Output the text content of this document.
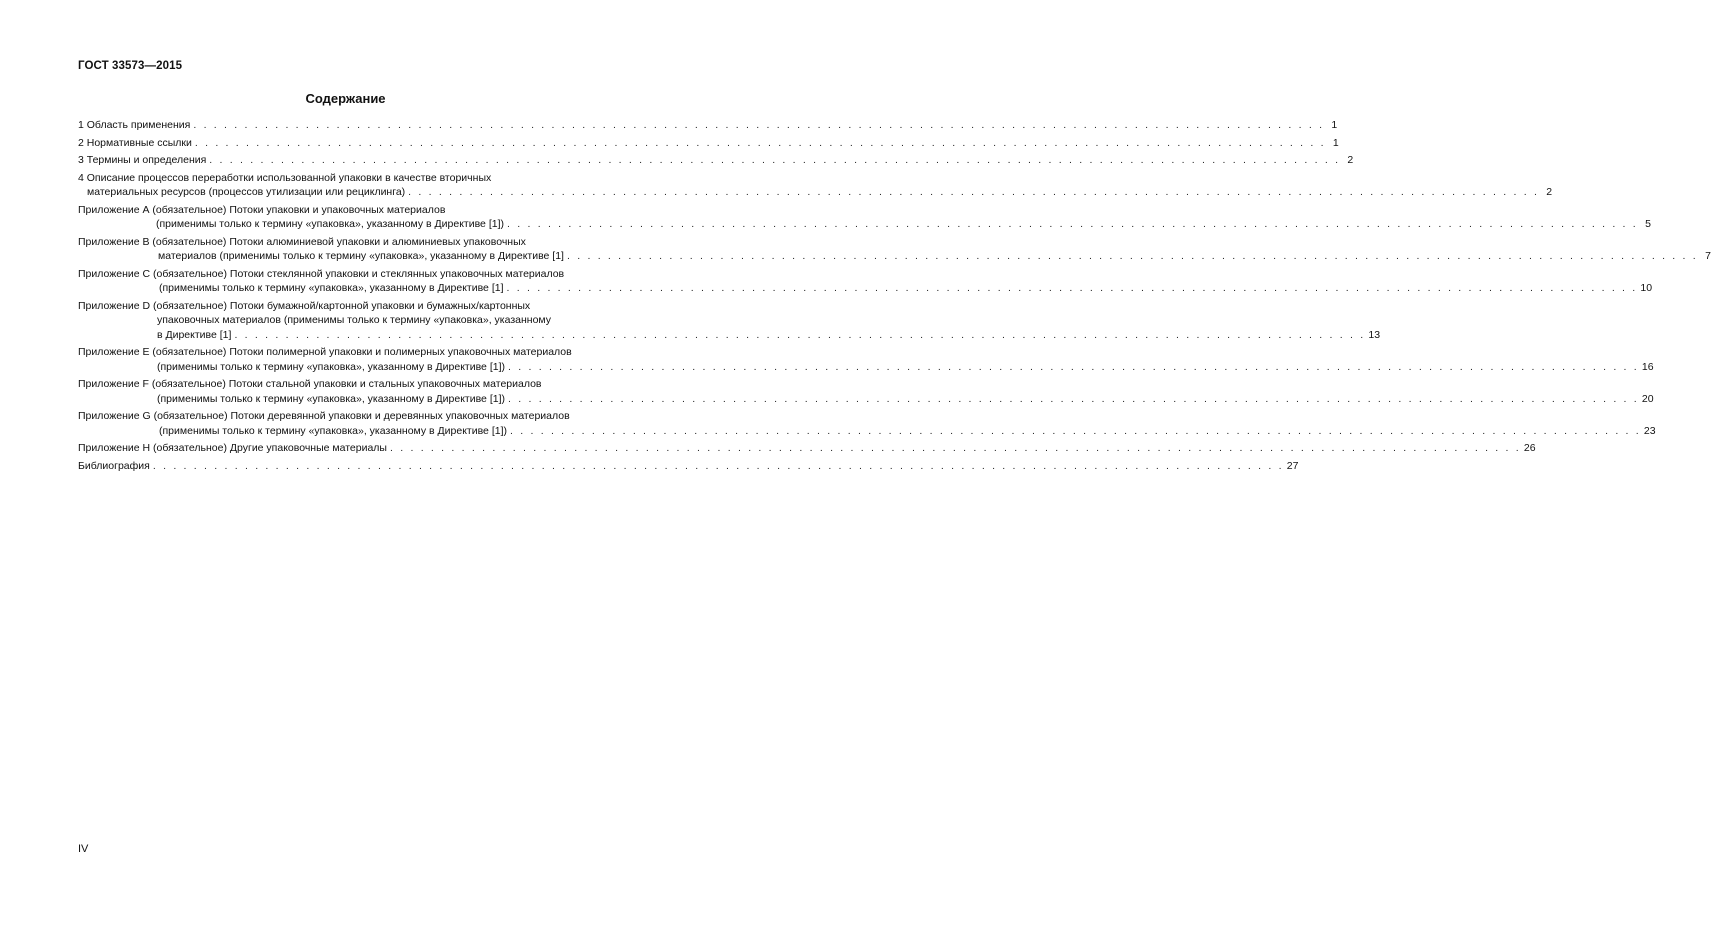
ГОСТ 33573—2015
Содержание
1 Область применения . . . . . . . . . . . . . . . . . . . . . . . . . . . . . . . . . . . . . . . . . . . . . . . . . . . . . . . . . . . . . . . . . . . . . . . . . . . . . . . . . . . . . . . . . . . . . . . . . . . . . . . . . . . . . . . 1
2 Нормативные ссылки . . . . . . . . . . . . . . . . . . . . . . . . . . . . . . . . . . . . . . . . . . . . . . . . . . . . . . . . . . . . . . . . . . . . . . . . . . . . . . . . . . . . . . . . . . . . . . . . . . . . . . . . . . . . . . . 1
3 Термины и определения . . . . . . . . . . . . . . . . . . . . . . . . . . . . . . . . . . . . . . . . . . . . . . . . . . . . . . . . . . . . . . . . . . . . . . . . . . . . . . . . . . . . . . . . . . . . . . . . . . . . . . . . . . . . . . . 2
4 Описание процессов переработки использованной упаковки в качестве вторичных
материальных ресурсов (процессов утилизации или рециклинга) . . . . . . . . . . . . . . . . . . . . . . . . . . . . . . . . . . . . . . . . . . . . . . . . . . . . . . . . . . . . . . . . . . . . . . . . . . . . . . . . . . . . . . . . . . . . . . . . . . . . . . . . . . . . . . . 2
Приложение А (обязательное) Потоки упаковки и упаковочных материалов
(применимы только к термину «упаковка», указанному в Директиве [1]) . . . . . . . . . . . . . . . . . . . . . . . . . . . . . . . . . . . . . . . . . . . . . . . . . . . . . . . . . . . . . . . . . . . . . . . . . . . . . . . . . . . . . . . . . . . . . . . . . . . . . . . . . . . . . . . 5
Приложение В (обязательное) Потоки алюминиевой упаковки и алюминиевых упаковочных
материалов (применимы только к термину «упаковка», указанному в Директиве [1] . . . . . . . . . . . . . . . . . . . . . . . . . . . . . . . . . . . . . . . . . . . . . . . . . . . . . . . . . . . . . . . . . . . . . . . . . . . . . . . . . . . . . . . . . . . . . . . . . . . . . . . . . . . . . . . 7
Приложение С (обязательное) Потоки стеклянной упаковки и стеклянных упаковочных материалов
(применимы только к термину «упаковка», указанному в Директиве [1] . . . . . . . . . . . . . . . . . . . . . . . . . . . . . . . . . . . . . . . . . . . . . . . . . . . . . . . . . . . . . . . . . . . . . . . . . . . . . . . . . . . . . . . . . . . . . . . . . . . . . . . . . . . . . . . 10
Приложение D (обязательное) Потоки бумажной/картонной упаковки и бумажных/картонных
упаковочных материалов (применимы только к термину «упаковка», указанному
в Директиве [1] . . . . . . . . . . . . . . . . . . . . . . . . . . . . . . . . . . . . . . . . . . . . . . . . . . . . . . . . . . . . . . . . . . . . . . . . . . . . . . . . . . . . . . . . . . . . . . . . . . . . . . . . . . . . . . . 13
Приложение Е (обязательное) Потоки полимерной упаковки и полимерных упаковочных материалов
(применимы только к термину «упаковка», указанному в Директиве [1]) . . . . . . . . . . . . . . . . . . . . . . . . . . . . . . . . . . . . . . . . . . . . . . . . . . . . . . . . . . . . . . . . . . . . . . . . . . . . . . . . . . . . . . . . . . . . . . . . . . . . . . . . . . . . . . . 16
Приложение F (обязательное) Потоки стальной упаковки и стальных упаковочных материалов
(применимы только к термину «упаковка», указанному в Директиве [1]) . . . . . . . . . . . . . . . . . . . . . . . . . . . . . . . . . . . . . . . . . . . . . . . . . . . . . . . . . . . . . . . . . . . . . . . . . . . . . . . . . . . . . . . . . . . . . . . . . . . . . . . . . . . . . . . 20
Приложение G (обязательное) Потоки деревянной упаковки и деревянных упаковочных материалов
(применимы только к термину «упаковка», указанному в Директиве [1]) . . . . . . . . . . . . . . . . . . . . . . . . . . . . . . . . . . . . . . . . . . . . . . . . . . . . . . . . . . . . . . . . . . . . . . . . . . . . . . . . . . . . . . . . . . . . . . . . . . . . . . . . . . . . . . . 23
Приложение Н (обязательное) Другие упаковочные материалы . . . . . . . . . . . . . . . . . . . . . . . . . . . . . . . . . . . . . . . . . . . . . . . . . . . . . . . . . . . . . . . . . . . . . . . . . . . . . . . . . . . . . . . . . . . . . . . . . . . . . . . . . . . . . . . 26
Библиография . . . . . . . . . . . . . . . . . . . . . . . . . . . . . . . . . . . . . . . . . . . . . . . . . . . . . . . . . . . . . . . . . . . . . . . . . . . . . . . . . . . . . . . . . . . . . . . . . . . . . . . . . . . . . . . 27
IV
